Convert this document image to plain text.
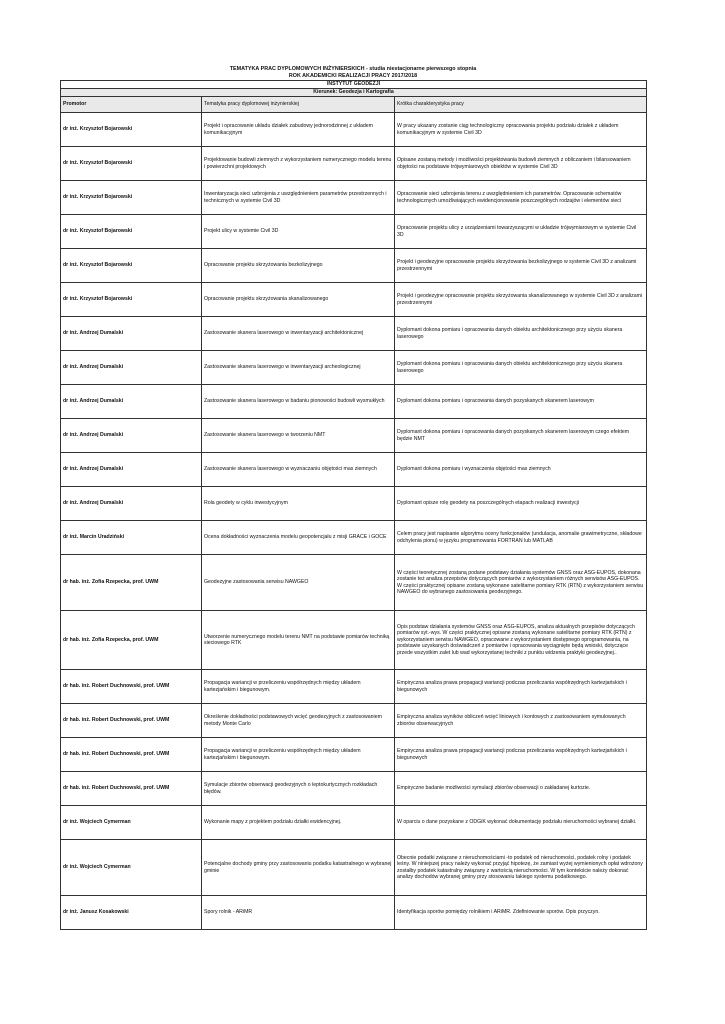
TEMATYKA PRAC DYPLOMOWYCH INŻYNIERSKICH - studia niestacjonarne pierwszego stopnia
ROK AKADEMICKI REALIZACJI PRACY 2017/2018
INSTYTUT GEODEZJI		
Kierunek: Geodezja i Kartografia		
Promotor	Tematyka pracy dyplomowej inżynierskiej	Krótka charakterystyka pracy
dr inż. Krzysztof Bojarowski	Projekt i opracowanie układu działek zabudowy jednorodzinnej z układem komunikacyjnym	W pracy ukazany zostanie ciąg technologiczny opracowania projektu podziału działek z układem komunikacyjnym w systemie Civil 3D
dr inż. Krzysztof Bojarowski	Projektowanie budowli ziemnych z wykorzystaniem numerycznego modelu terenu i powierzchni projektowych	Opisane zostaną metody i możliwości projektowania budowli ziemnych z obliczaniem i bilansowaniem objętości na podstawie trójwymiarowych obiektów w systemie Civil 3D
dr inż. Krzysztof Bojarowski	Inwentaryzacja sieci uzbrojenia z uwzględnieniem parametrów przestrzennych i technicznych w systemie Civil 3D	Opracowanie sieci uzbrojenia terenu z uwzględnieniem ich parametrów. Opracowanie schematów technologicznych umożliwiających ewidencjonowanie poszczególnych rodzajów i elementów sieci
dr inż. Krzysztof Bojarowski	Projekt ulicy w systemie Civil 3D	Opracowanie projektu ulicy z urządzeniami towarzyszącymi w układzie trójwymiarowym w systemie Civil 3D
dr inż. Krzysztof Bojarowski	Opracowanie projektu skrzyżowania bezkolizyjnego	Projekt i geodezyjne opracowanie projektu skrzyżowania bezkolizyjnego w systemie Civil 3D z analizami przestrzennymi
dr inż. Krzysztof Bojarowski	Opracowanie projektu skrzyżowania skanalizowanego	Projekt i geodezyjne opracowanie projektu skrzyżowania skanalizowanego w systemie Civil 3D z analizami przestrzennymi
dr inż. Andrzej Dumalski	Zastosowanie skanera laserowego w inwentaryzacji architektonicznej	Dyplomant dokona pomiaru i opracowania danych obiektu architektonicznego przy użyciu skanera laserowego
dr inż. Andrzej Dumalski	Zastosowanie skanera laserowego w inwentaryzacji archeologicznej	Dyplomant dokona pomiaru i opracowania danych obiektu architektonicznego przy użyciu skanera laserowego
dr inż. Andrzej Dumalski	Zastosowanie skanera laserowego w badaniu pionowości budowli wysmukłych	Dyplomant dokona pomiaru i opracowania danych pozyskanych skanerem laserowym
dr inż. Andrzej Dumalski	Zastosowanie skanera laserowego w tworzeniu NMT	Dyplomant dokona pomiaru i opracowania danych pozyskanych skanerem laserowym czego efektem będzie NMT
dr inż. Andrzej Dumalski	Zastosowanie skanera laserowego w wyznaczaniu objętości mas ziemnych	Dyplomant dokona pomiaru i wyznaczenia objętości mas ziemnych
dr inż. Andrzej Dumalski	Rola geodety w cyklu inwestycyjnym	Dyplomant opisze rolę geodety na poszczególnych etapach realizacji inwestycji
dr inż. Marcin Uradziński	Ocena dokładności wyznaczenia modelu geopotencjału z misji GRACE i GOCE	Celem pracy jest napisanie algorytmu oceny funkcjonałów (undulacja, anomalie grawimetryczne, składowe odchylenia pionu) w języku programowania FORTRAN lub MATLAB
dr hab. inż. Zofia Rzepecka, prof. UWM	Geodezyjne zastosowania serwisu NAWGEO	W części teoretycznej zostaną podane podstawy działania systemów GNSS oraz ASG-EUPOS, dokonana zostanie też analiza przepisów dotyczących pomiarów z wykorzystaniem różnych serwisów ASG-EUPOS. W części praktycznej opisane zostaną wykonane satelitarne pomiary RTK (RTN) z wykorzystaniem serwisu NAWGEO do wybranego zastosowania geodezyjnego.
dr hab. inż. Zofia Rzepecka, prof. UWM	Utworzenie numerycznego modelu terenu NMT na podstawie pomiarów techniką sieciowego RTK	Opis podstaw działania systemów GNSS oraz ASG-EUPOS, analiza aktualnych przepisów dotyczących pomiarów syt.-wys. W części praktycznej opisane zostaną wykonane satelitarne pomiary RTK (RTN) z wykorzystaniem serwisu NAWGEO, opracowane z wykorzystaniem dostępnego oprogramowania, na podstawie uzyskanych doświadczeń z pomiarów i opracowania wyciągnięte będą wnioski, dotyczące przede wszystkim zalet lub wad wykorzystanej techniki z punktu widzenia praktyki geodezyjnej..
dr hab. inż. Robert Duchnowski, prof. UWM	Propagacja wariancji w przeliczeniu współrzędnych między układem kartezjańskim i biegunowym.	Empiryczna analiza prawa propagacji wariancji podczas przeliczania współrzędnych kartezjańskich i biegunowych
dr hab. inż. Robert Duchnowski, prof. UWM	Określenie dokładności podstawowych wcięć geodezyjnych z zastosowaniem metody Monte Carlo	Empiryczna analiza wyników obliczeń wcięć liniowych i kontowych z zastosowaniem symulowanych zbiorów obserwacyjnych
dr hab. inż. Robert Duchnowski, prof. UWM	Propagacja wariancji w przeliczeniu współrzędnych między układem kartezjańskim i biegunowym.	Empiryczna analiza prawa propagacji wariancji podczas przeliczania współrzędnych kartezjańskich i biegunowych
dr hab. inż. Robert Duchnowski, prof. UWM	Symulacje zbiorów obserwacji geodezyjnych o leptokurtycznych rozkładach błędów.	Empiryczne badanie możliwości symulacji zbiorów obserwacji o zakładanej kurtozie.
dr inż. Wojciech Cymerman	Wykonanie mapy z projektem podziału działki ewidencyjnej.	W oparciu o dane pozyskane z ODGiK wykonać dokumentację podziału nieruchomości wybranej działki.
dr inż. Wojciech Cymerman	Potencjalne dochody gminy przy zastosowaniu podatku katastralnego w wybranej gminie	Obecnie podatki związane z nieruchomościami -to podatek od nieruchomości, podatek rolny i podatek leśny. W niniejszej pracy należy wykonać przyjąć hipotezę, że zamiast wyżej wymienionych opłat wdrożony zostałby podatek katastralny związany z wartością nieruchomości. W tym kontekście należy dokonać analizy dochodów wybranej gminy przy stosowaniu takiego systemu podatkowego.
dr inż. Janusz Kosakowski	Spory rolnik - ARiMR	Identyfikacja sporów pomiędzy rolnikiem i ARiMR. Zdefiniowanie sporów. Opis przyczyn.
